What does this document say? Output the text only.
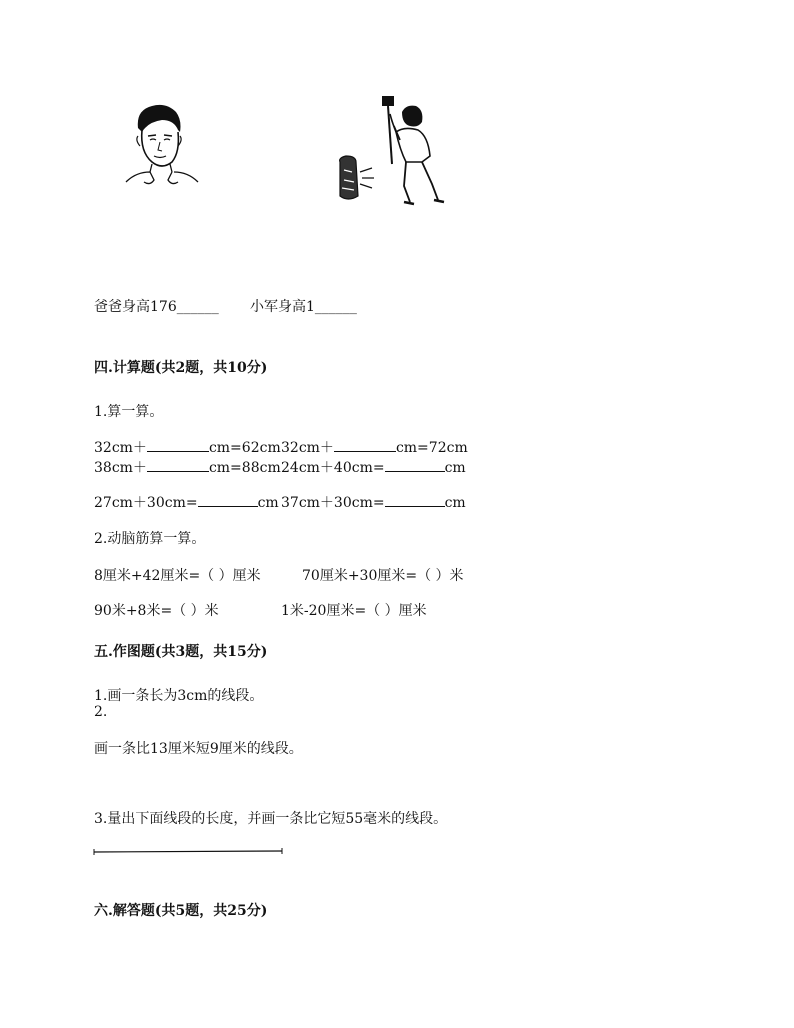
爸爸身高176______ 小军身高1______
四.计算题(共2题，共10分)
1.算一算。
32cm＋	cm=62cm 32cm＋	cm=72cm
38cm＋	cm=88cm 24cm＋40cm=	cm
27cm＋30cm=	cm 37cm＋30cm=	cm
2.动脑筋算一算。
8厘米+42厘米=（ ）厘米	70厘米+30厘米=（ ）米
90米+8米=（ ）米	1米-20厘米=（ ）厘米
五.作图题(共3题，共15分)
1.画一条长为3cm的线段。
2.
画一条比13厘米短9厘米的线段。
3.量出下面线段的长度，并画一条比它短55毫米的线段。
六.解答题(共5题，共25分)
